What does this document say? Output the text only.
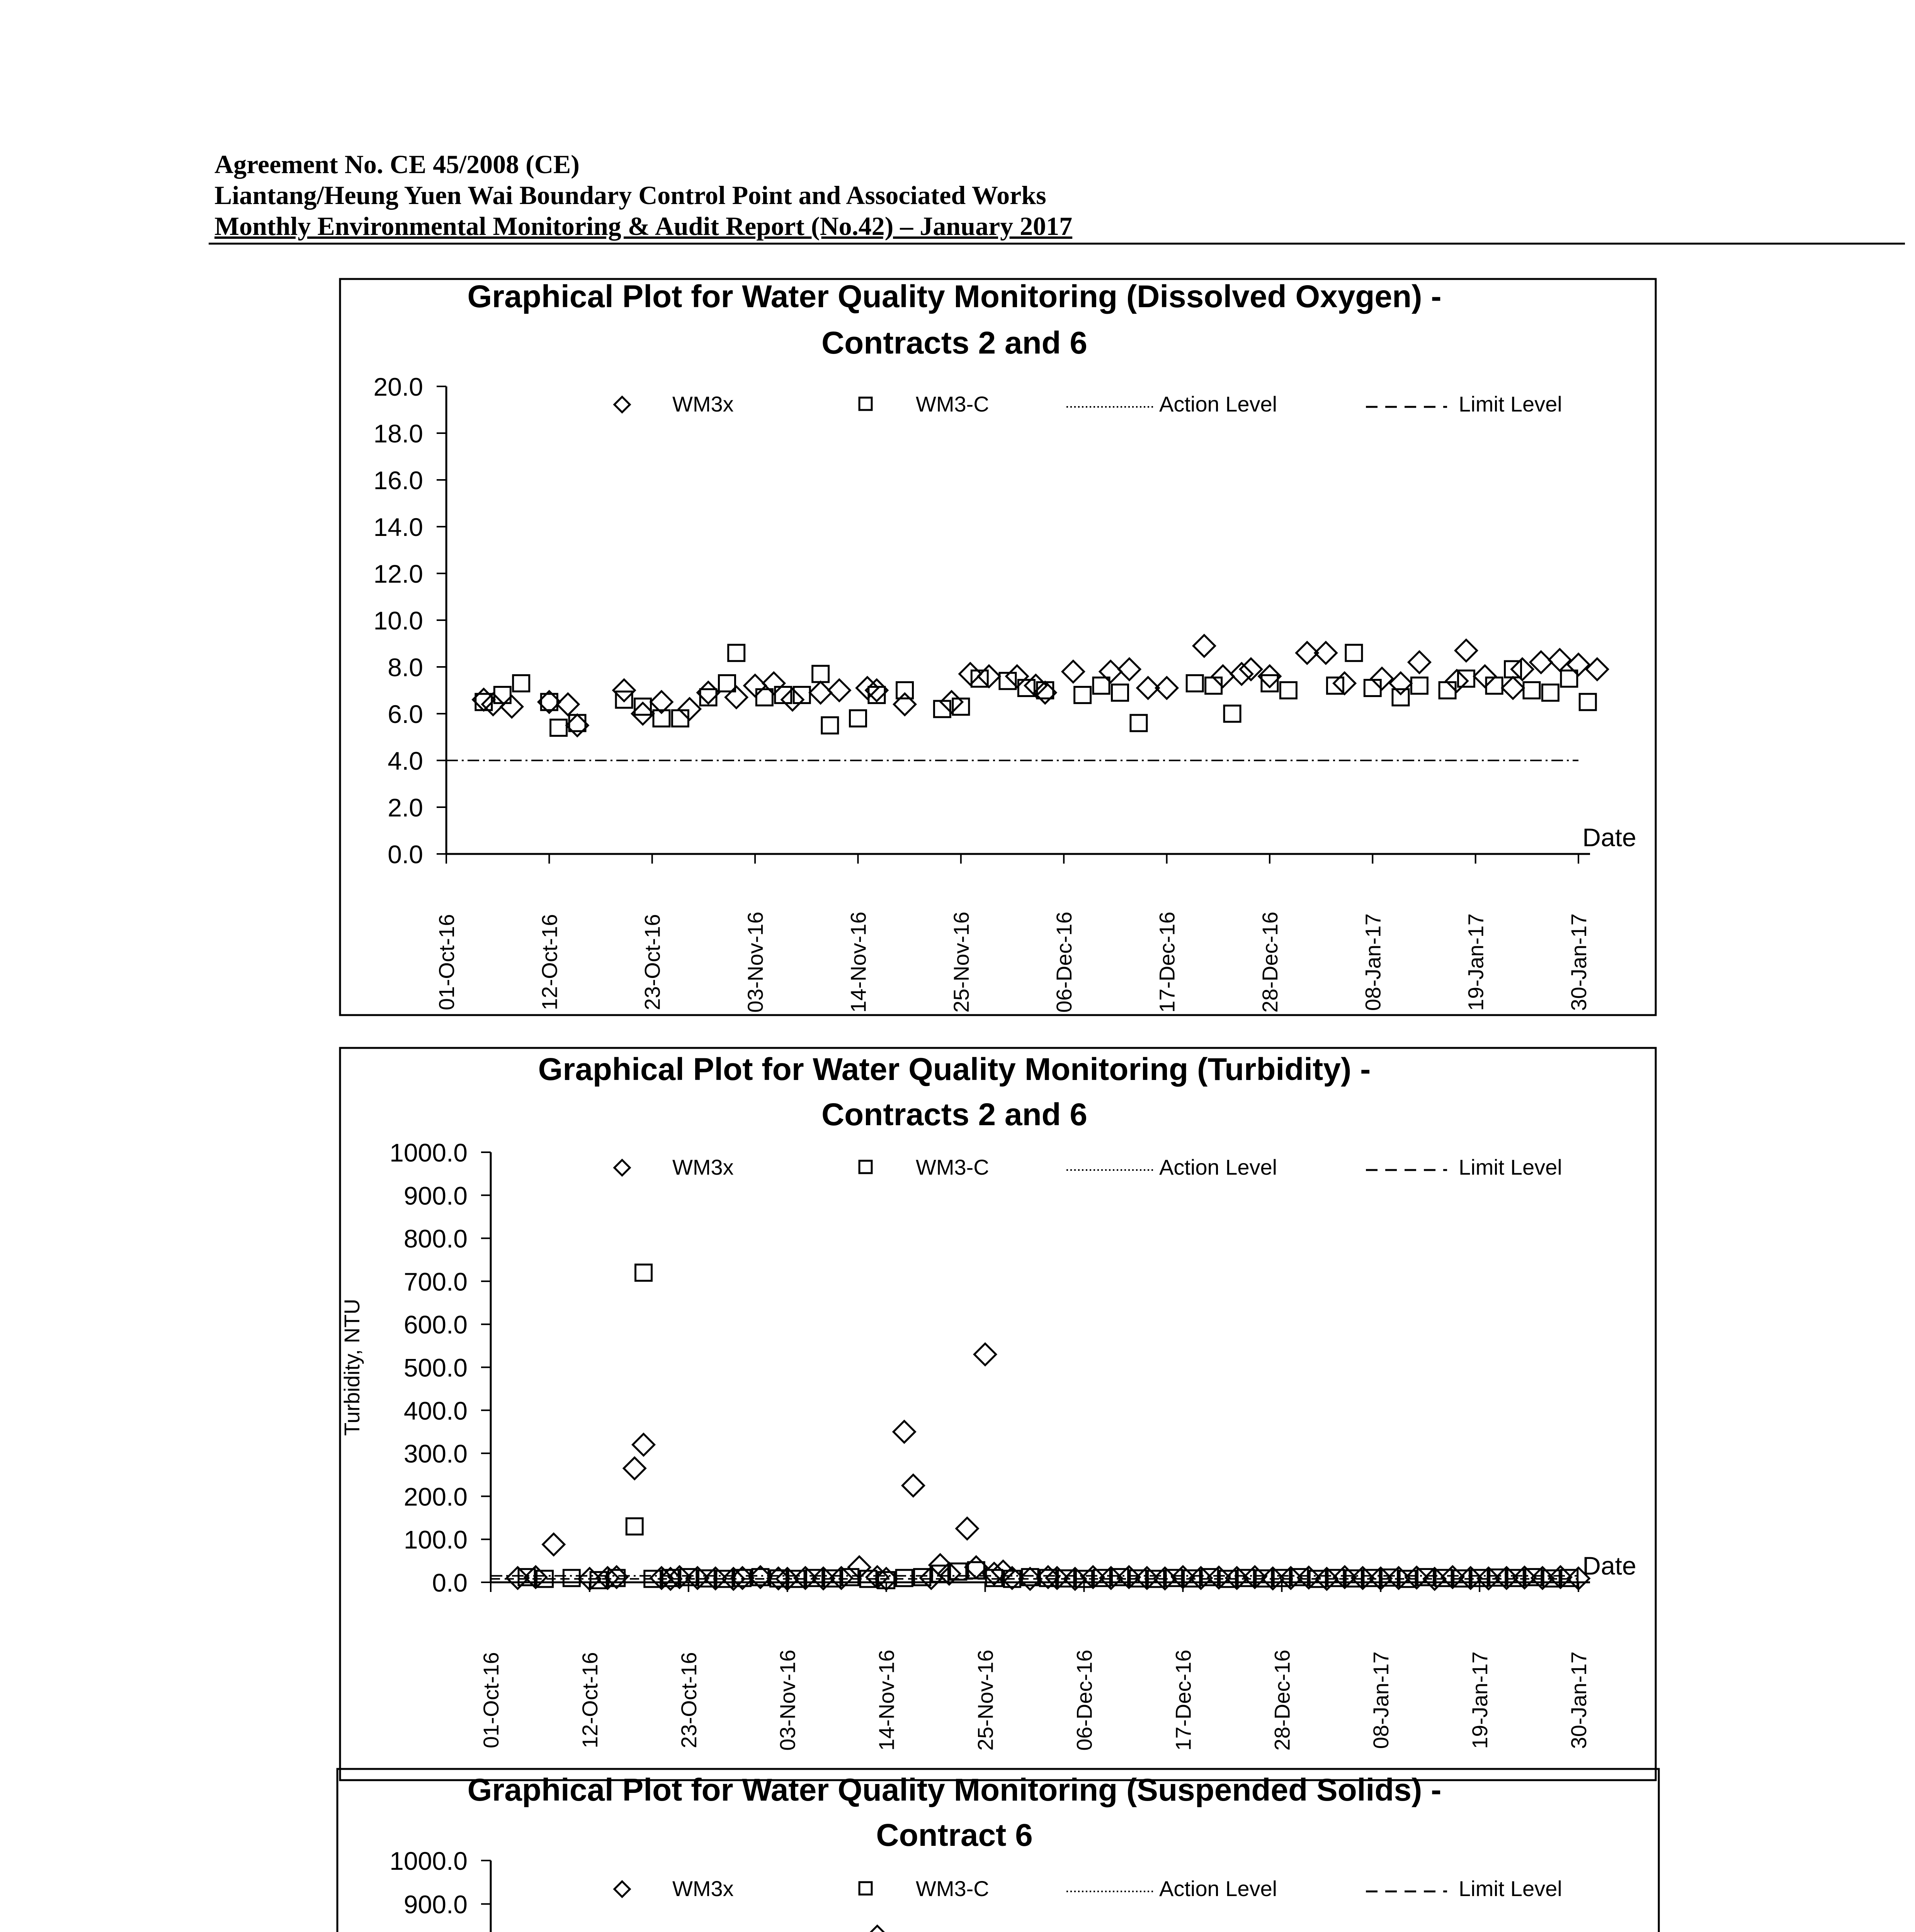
Agreement No. CE 45/2008 (CE)
Liantang/Heung Yuen Wai Boundary Control Point and Associated Works
Monthly Environmental Monitoring & Audit Report (No.42) – January 2017
Graphical Plot for Water Quality Monitoring (Dissolved Oxygen) -
Contracts 2 and 6
0.0
2.0
4.0
6.0
8.0
10.0
12.0
14.0
16.0
18.0
20.0
01-Oct-16	12-Oct-16	23-Oct-16	03-Nov-16	14-Nov-16	25-Nov-16	06-Dec-16	17-Dec-16	28-Dec-16	08-Jan-17	19-Jan-17	30-Jan-17
Date
WM3x	WM3-C	Action Level	Limit Level
Graphical Plot for Water Quality Monitoring (Turbidity) -
Contracts 2 and 6
0.0
100.0
200.0
300.0
400.0
500.0
600.0
700.0
800.0
900.0
1000.0
01-Oct-16	12-Oct-16	23-Oct-16	03-Nov-16	14-Nov-16	25-Nov-16	06-Dec-16	17-Dec-16	28-Dec-16	08-Jan-17	19-Jan-17	30-Jan-17
Date
Turbidity, NTU
WM3x	WM3-C	Action Level	Limit Level
Graphical Plot for Water Quality Monitoring (Suspended Solids) -
Contract 6
900.0
1000.0
WM3x	WM3-C	Action Level	Limit Level
